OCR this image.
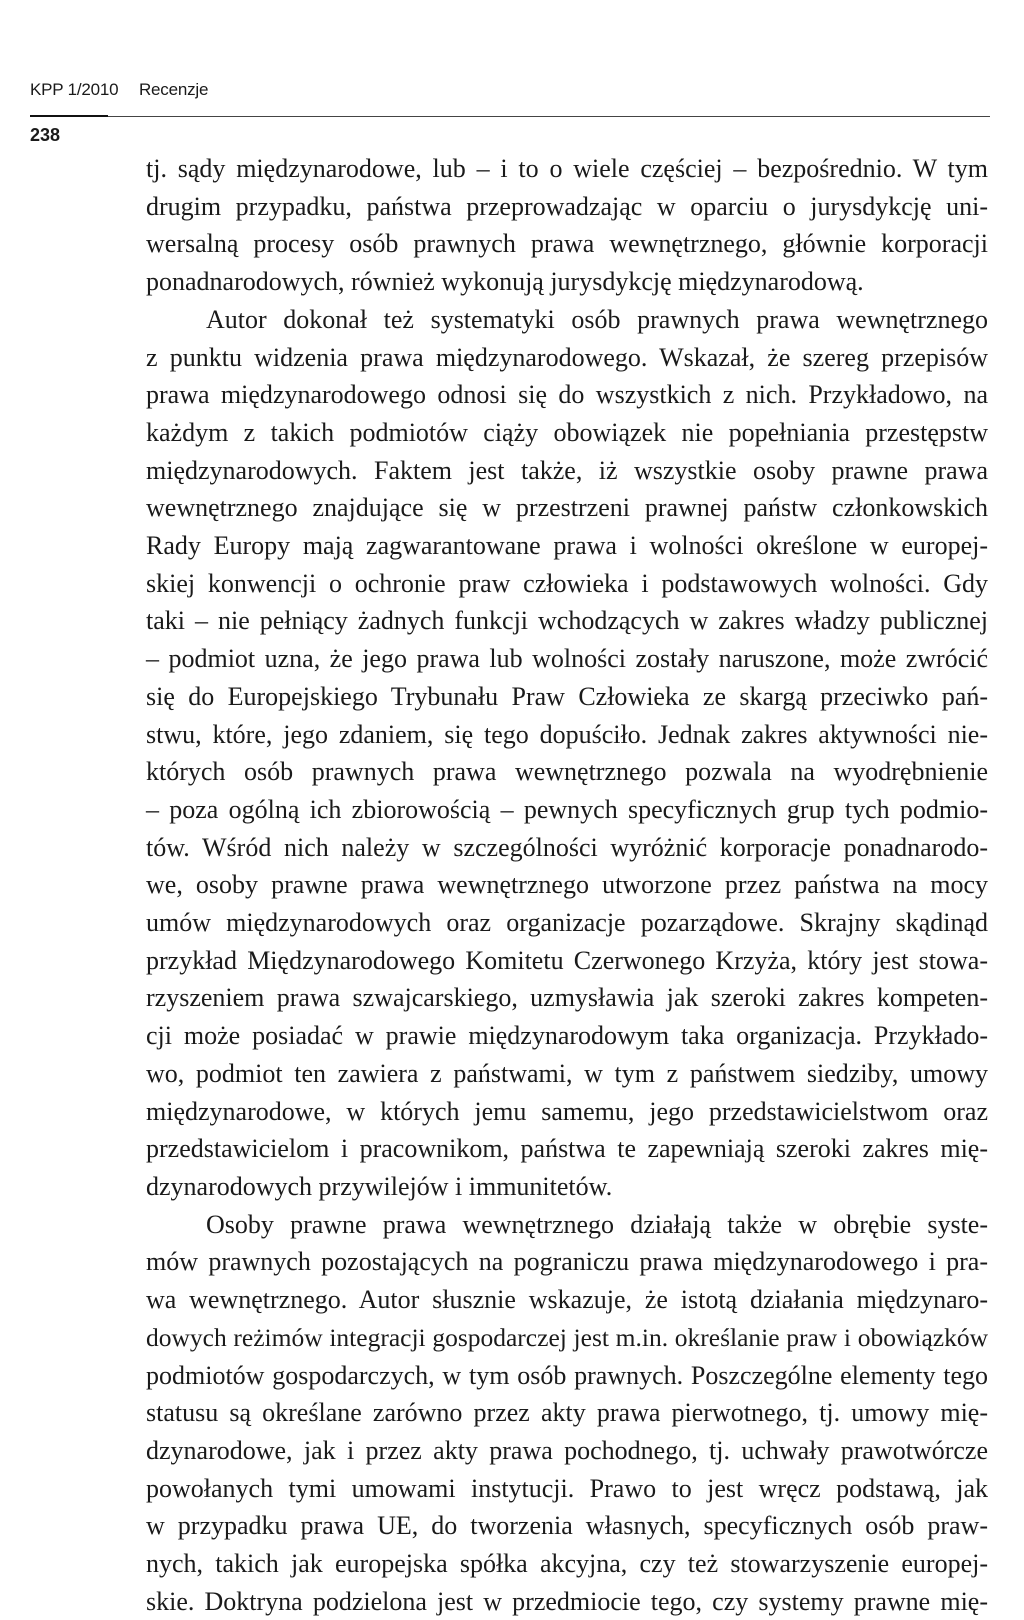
KPP 1/2010 Recenzje
238
tj. sądy międzynarodowe, lub – i to o wiele częściej – bezpośrednio. W tym
drugim przypadku, państwa przeprowadzając w oparciu o jurysdykcję uni-
wersalną procesy osób prawnych prawa wewnętrznego, głównie korporacji
ponadnarodowych, również wykonują jurysdykcję międzynarodową.
Autor dokonał też systematyki osób prawnych prawa wewnętrznego
z punktu widzenia prawa międzynarodowego. Wskazał, że szereg przepisów
prawa międzynarodowego odnosi się do wszystkich z nich. Przykładowo, na
każdym z takich podmiotów ciąży obowiązek nie popełniania przestępstw
międzynarodowych. Faktem jest także, iż wszystkie osoby prawne prawa
wewnętrznego znajdujące się w przestrzeni prawnej państw członkowskich
Rady Europy mają zagwarantowane prawa i wolności określone w europej-
skiej konwencji o ochronie praw człowieka i podstawowych wolności. Gdy
taki – nie pełniący żadnych funkcji wchodzących w zakres władzy publicznej
– podmiot uzna, że jego prawa lub wolności zostały naruszone, może zwrócić
się do Europejskiego Trybunału Praw Człowieka ze skargą przeciwko pań-
stwu, które, jego zdaniem, się tego dopuściło. Jednak zakres aktywności nie-
których osób prawnych prawa wewnętrznego pozwala na wyodrębnienie
– poza ogólną ich zbiorowością – pewnych specyficznych grup tych podmio-
tów. Wśród nich należy w szczególności wyróżnić korporacje ponadnarodo-
we, osoby prawne prawa wewnętrznego utworzone przez państwa na mocy
umów międzynarodowych oraz organizacje pozarządowe. Skrajny skądinąd
przykład Międzynarodowego Komitetu Czerwonego Krzyża, który jest stowa-
rzyszeniem prawa szwajcarskiego, uzmysławia jak szeroki zakres kompeten-
cji może posiadać w prawie międzynarodowym taka organizacja. Przykłado-
wo, podmiot ten zawiera z państwami, w tym z państwem siedziby, umowy
międzynarodowe, w których jemu samemu, jego przedstawicielstwom oraz
przedstawicielom i pracownikom, państwa te zapewniają szeroki zakres mię-
dzynarodowych przywilejów i immunitetów.
Osoby prawne prawa wewnętrznego działają także w obrębie syste-
mów prawnych pozostających na pograniczu prawa międzynarodowego i pra-
wa wewnętrznego. Autor słusznie wskazuje, że istotą działania międzynaro-
dowych reżimów integracji gospodarczej jest m.in. określanie praw i obowiązków
podmiotów gospodarczych, w tym osób prawnych. Poszczególne elementy tego
statusu są określane zarówno przez akty prawa pierwotnego, tj. umowy mię-
dzynarodowe, jak i przez akty prawa pochodnego, tj. uchwały prawotwórcze
powołanych tymi umowami instytucji. Prawo to jest wręcz podstawą, jak
w przypadku prawa UE, do tworzenia własnych, specyficznych osób praw-
nych, takich jak europejska spółka akcyjna, czy też stowarzyszenie europej-
skie. Doktryna podzielona jest w przedmiocie tego, czy systemy prawne mię-
